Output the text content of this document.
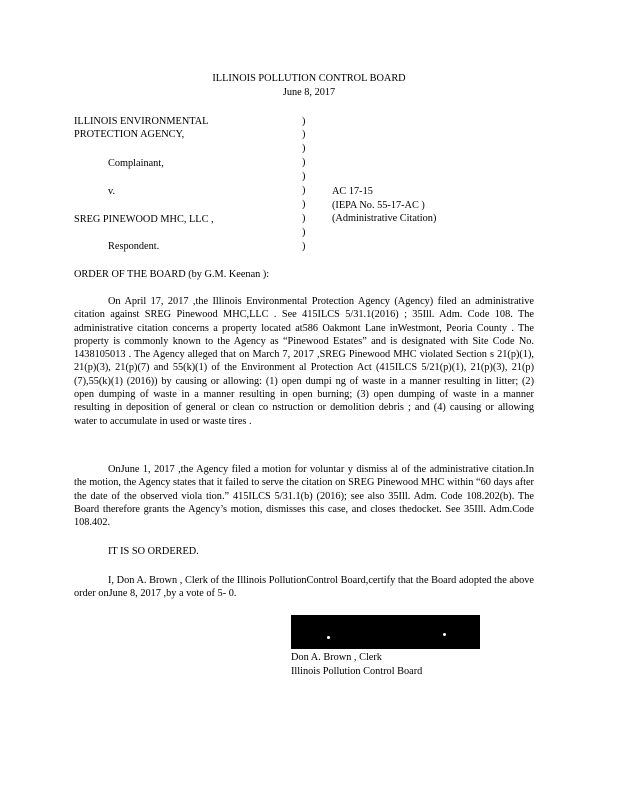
ILLINOIS POLLUTION CONTROL BOARD
June 8, 2017
ILLINOIS ENVIRONMENTAL
PROTECTION AGENCY,
Complainant,
v.
SREG PINEWOOD MHC, LLC ,
Respondent.
)
)
)
)
)
)
)
)
)
)
AC 17-15
(IEPA No. 55-17-AC )
(Administrative Citation)
ORDER OF THE BOARD (by G.M. Keenan ):
On April 17, 2017 ,the Illinois Environmental Protection Agency (Agency) filed an administrative citation against SREG Pinewood MHC,LLC . See 415ILCS 5/31.1(2016) ; 35Ill. Adm. Code 108. The administrative citation concerns a property located at586 Oakmont Lane inWestmont, Peoria County . The property is commonly known to the Agency as “Pinewood Estates” and is designated with Site Code No. 1438105013 . The Agency alleged that on March 7, 2017 ,SREG Pinewood MHC violated Section s 21(p)(1), 21(p)(3), 21(p)(7) and 55(k)(1) of the Environment al Protection Act (415ILCS 5/21(p)(1), 21(p)(3), 21(p)(7),55(k)(1) (2016)) by causing or allowing: (1) open dumpi ng of waste in a manner resulting in litter; (2) open dumping of waste in a manner resulting in open burning; (3) open dumping of waste in a manner resulting in deposition of general or clean co nstruction or demolition debris ; and (4) causing or allowing water to accumulate in used or waste tires .
OnJune 1, 2017 ,the Agency filed a motion for voluntar y dismiss al of the administrative citation.In the motion, the Agency states that it failed to serve the citation on SREG Pinewood MHC within “60 days after the date of the observed viola tion.” 415ILCS 5/31.1(b) (2016); see also 35Ill. Adm. Code 108.202(b). The Board therefore grants the Agency’s motion, dismisses this case, and closes thedocket. See 35Ill. Adm.Code 108.402.
IT IS SO ORDERED.
I, Don A. Brown , Clerk of the Illinois PollutionControl Board,certify that the Board adopted the above order onJune 8, 2017 ,by a vote of 5- 0.
Don A. Brown , Clerk
Illinois Pollution Control Board
